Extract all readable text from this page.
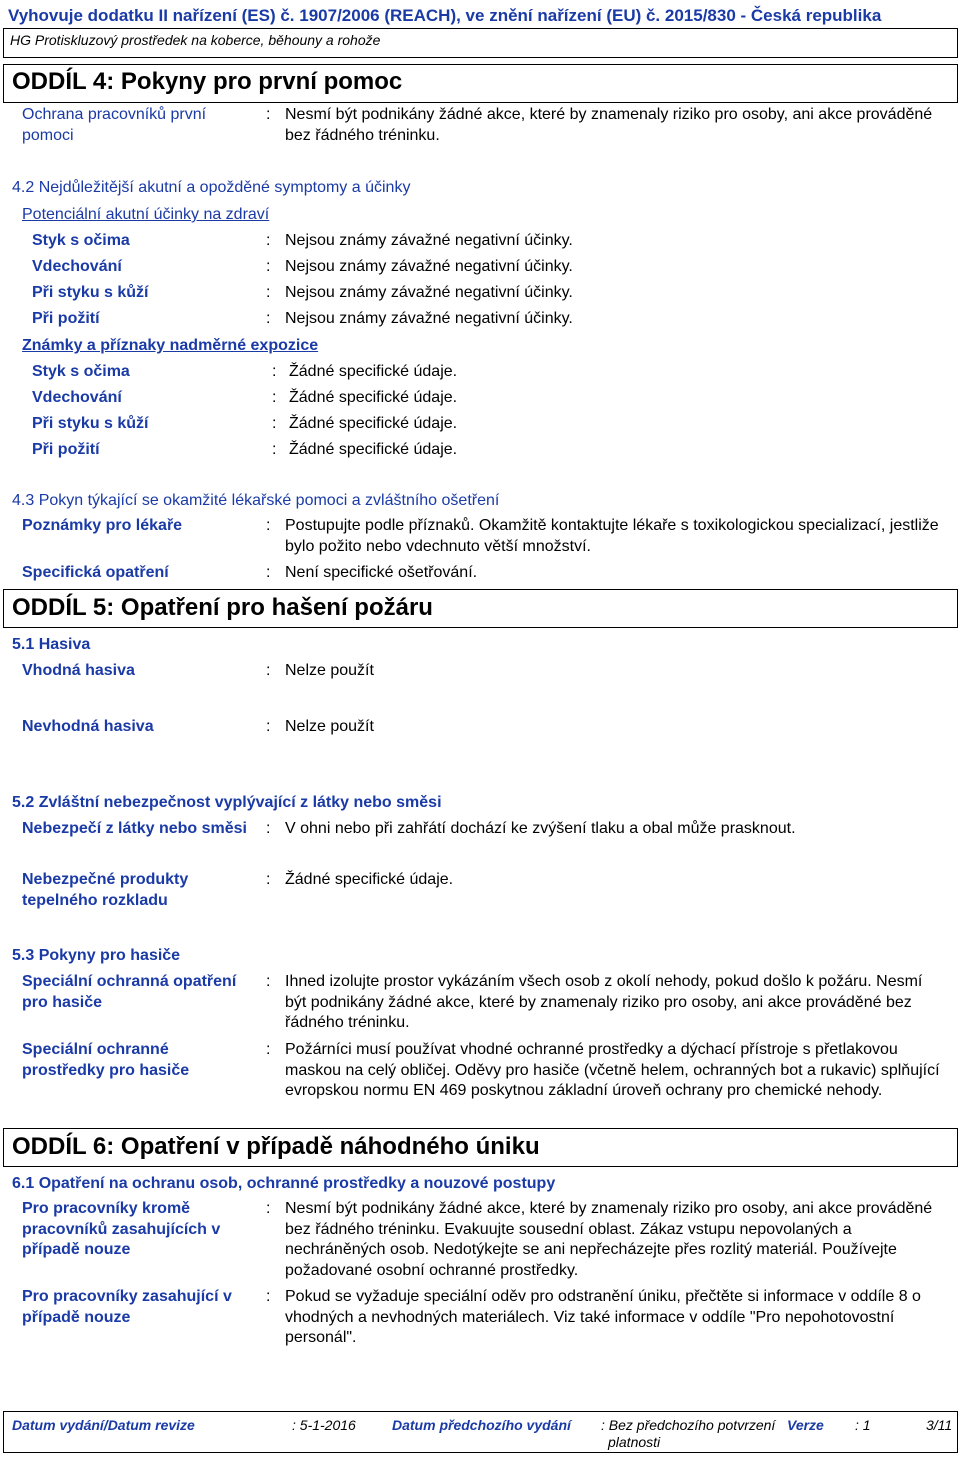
Vyhovuje dodatku II nařízení (ES) č. 1907/2006 (REACH), ve znění nařízení (EU) č. 2015/830 - Česká republika
HG Protiskluzový prostředek na koberce, běhouny a rohože
ODDÍL 4: Pokyny pro první pomoc
Ochrana pracovníků první pomoci
: Nesmí být podnikány žádné akce, které by znamenaly riziko pro osoby, ani akce prováděné bez řádného tréninku.
4.2 Nejdůležitější akutní a opožděné symptomy a účinky
Potenciální akutní účinky na zdraví
Styk s očima	: Nejsou známy závažné negativní účinky.
Vdechování	: Nejsou známy závažné negativní účinky.
Při styku s kůží	: Nejsou známy závažné negativní účinky.
Při požití	: Nejsou známy závažné negativní účinky.
Známky a příznaky nadměrné expozice
Styk s očima	: Žádné specifické údaje.
Vdechování	: Žádné specifické údaje.
Při styku s kůží	: Žádné specifické údaje.
Při požití	: Žádné specifické údaje.
4.3 Pokyn týkající se okamžité lékařské pomoci a zvláštního ošetření
Poznámky pro lékaře	: Postupujte podle příznaků. Okamžitě kontaktujte lékaře s toxikologickou specializací, jestliže bylo požito nebo vdechnuto větší množství.
Specifická opatření	: Není specifické ošetřování.
ODDÍL 5: Opatření pro hašení požáru
5.1 Hasiva
Vhodná hasiva	: Nelze použít
Nevhodná hasiva	: Nelze použít
5.2 Zvláštní nebezpečnost vyplývající z látky nebo směsi
Nebezpečí z látky nebo směsi : V ohni nebo při zahřátí dochází ke zvýšení tlaku a obal může prasknout.
Nebezpečné produkty tepelného rozkladu
: Žádné specifické údaje.
5.3 Pokyny pro hasiče
Speciální ochranná opatření pro hasiče
: Ihned izolujte prostor vykázáním všech osob z okolí nehody, pokud došlo k požáru. Nesmí být podnikány žádné akce, které by znamenaly riziko pro osoby, ani akce prováděné bez řádného tréninku.
Speciální ochranné prostředky pro hasiče
: Požárníci musí používat vhodné ochranné prostředky a dýchací přístroje s přetlakovou maskou na celý obličej. Oděvy pro hasiče (včetně helem, ochranných bot a rukavic) splňující evropskou normu EN 469 poskytnou základní úroveň ochrany pro chemické nehody.
ODDÍL 6: Opatření v případě náhodného úniku
6.1 Opatření na ochranu osob, ochranné prostředky a nouzové postupy
Pro pracovníky kromě pracovníků zasahujících v případě nouze
: Nesmí být podnikány žádné akce, které by znamenaly riziko pro osoby, ani akce prováděné bez řádného tréninku. Evakuujte sousední oblast. Zákaz vstupu nepovolaných a nechráněných osob. Nedotýkejte se ani nepřecházejte přes rozlitý materiál. Používejte požadované osobní ochranné prostředky.
Pro pracovníky zasahující v případě nouze
: Pokud se vyžaduje speciální oděv pro odstranění úniku, přečtěte si informace v oddíle 8 o vhodných a nevhodných materiálech. Viz také informace v oddíle "Pro nepohotovostní personál".
Datum vydání/Datum revize	: 5-1-2016	Datum předchozího vydání : Bez předchozího potvrzení
platnosti
Verze : 1	3/11
